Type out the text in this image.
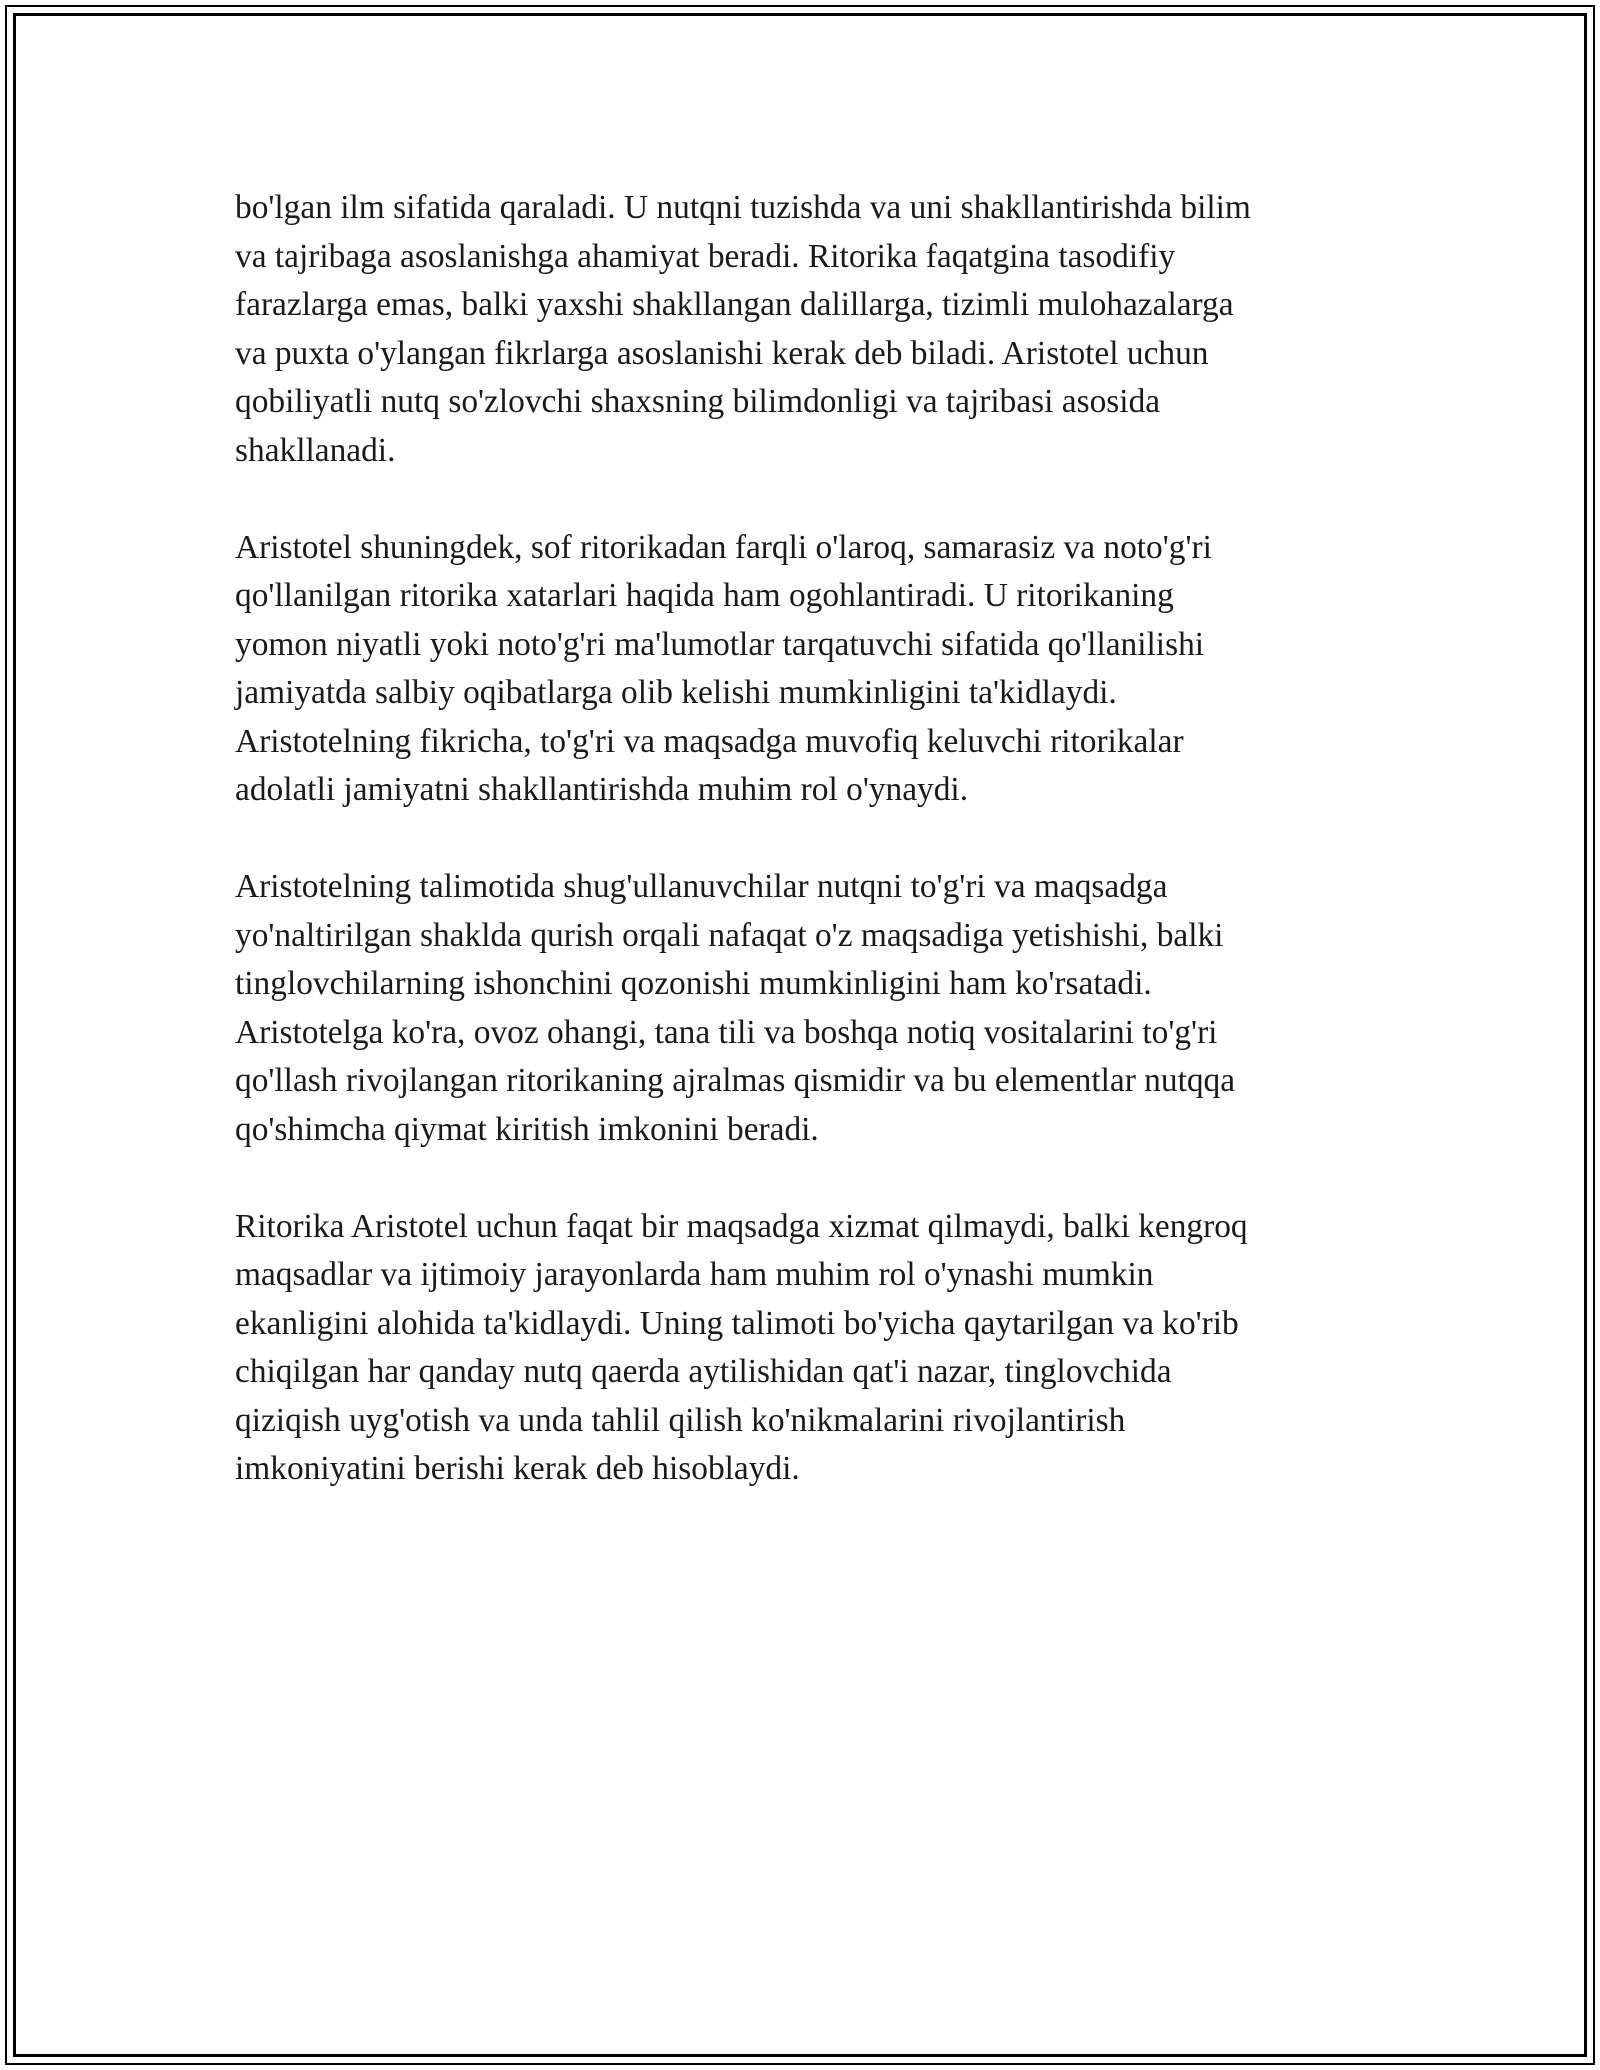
bo'lgan ilm sifatida qaraladi. U nutqni tuzishda va uni shakllantirishda bilim
va tajribaga asoslanishga ahamiyat beradi. Ritorika faqatgina tasodifiy
farazlarga emas, balki yaxshi shakllangan dalillarga, tizimli mulohazalarga
va puxta o'ylangan fikrlarga asoslanishi kerak deb biladi. Aristotel uchun
qobiliyatli nutq so'zlovchi shaxsning bilimdonligi va tajribasi asosida
shakllanadi.

Aristotel shuningdek, sof ritorikadan farqli o'laroq, samarasiz va noto'g'ri
qo'llanilgan ritorika xatarlari haqida ham ogohlantiradi. U ritorikaning
yomon niyatli yoki noto'g'ri ma'lumotlar tarqatuvchi sifatida qo'llanilishi
jamiyatda salbiy oqibatlarga olib kelishi mumkinligini ta'kidlaydi.
Aristotelning fikricha, to'g'ri va maqsadga muvofiq keluvchi ritorikalar
adolatli jamiyatni shakllantirishda muhim rol o'ynaydi.

Aristotelning talimotida shug'ullanuvchilar nutqni to'g'ri va maqsadga
yo'naltirilgan shaklda qurish orqali nafaqat o'z maqsadiga yetishishi, balki
tinglovchilarning ishonchini qozonishi mumkinligini ham ko'rsatadi.
Aristotelga ko'ra, ovoz ohangi, tana tili va boshqa notiq vositalarini to'g'ri
qo'llash rivojlangan ritorikaning ajralmas qismidir va bu elementlar nutqqa
qo'shimcha qiymat kiritish imkonini beradi.

Ritorika Aristotel uchun faqat bir maqsadga xizmat qilmaydi, balki kengroq
maqsadlar va ijtimoiy jarayonlarda ham muhim rol o'ynashi mumkin
ekanligini alohida ta'kidlaydi. Uning talimoti bo'yicha qaytarilgan va ko'rib
chiqilgan har qanday nutq qaerda aytilishidan qat'i nazar, tinglovchida
qiziqish uyg'otish va unda tahlil qilish ko'nikmalarini rivojlantirish
imkoniyatini berishi kerak deb hisoblaydi.
